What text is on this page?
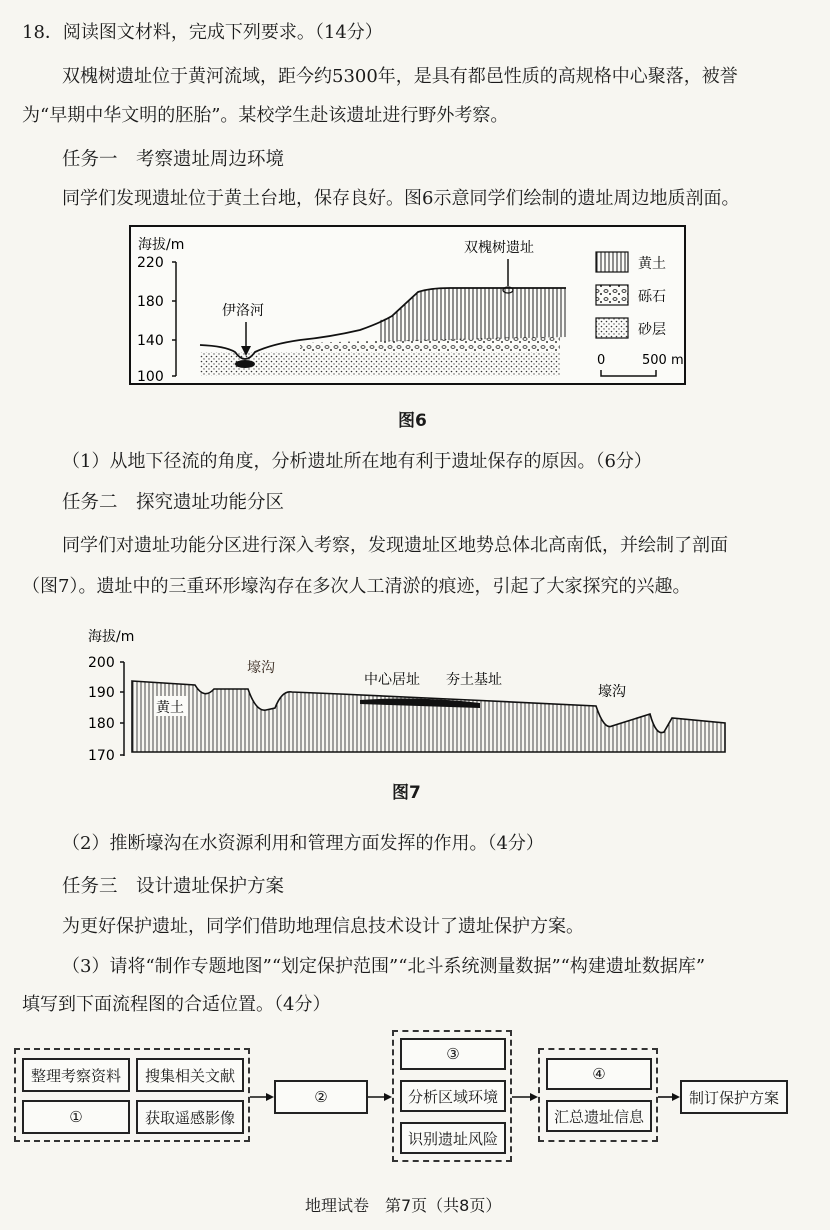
18．阅读图文材料，完成下列要求。（14分）

双槐树遗址位于黄河流域，距今约5300年，是具有都邑性质的高规格中心聚落，被誉

为“早期中华文明的胚胎”。某校学生赴该遗址进行野外考察。

任务一　考察遗址周边环境

同学们发现遗址位于黄土台地，保存良好。图6示意同学们绘制的遗址周边地质剖面。

海拔/m
220
180
140
100
伊洛河
双槐树遗址
黄土
砾石
砂层
0	500 m

图6

（1）从地下径流的角度，分析遗址所在地有利于遗址保存的原因。（6分）

任务二　探究遗址功能分区

同学们对遗址功能分区进行深入考察，发现遗址区地势总体北高南低，并绘制了剖面

（图7）。遗址中的三重环形壕沟存在多次人工清淤的痕迹，引起了大家探究的兴趣。

海拔/m
200
190
180
170
壕沟
中心居址 夯土基址
壕沟
黄土

图7

（2）推断壕沟在水资源利用和管理方面发挥的作用。（4分）

任务三　设计遗址保护方案

为更好保护遗址，同学们借助地理信息技术设计了遗址保护方案。

（3）请将“制作专题地图”“划定保护范围”“北斗系统测量数据”“构建遗址数据库”

填写到下面流程图的合适位置。（4分）

整理考察资料	搜集相关文献
①	获取遥感影像
②
③
分析区域环境
识别遗址风险
④
汇总遗址信息
制订保护方案

地理试卷　第7页（共8页）
